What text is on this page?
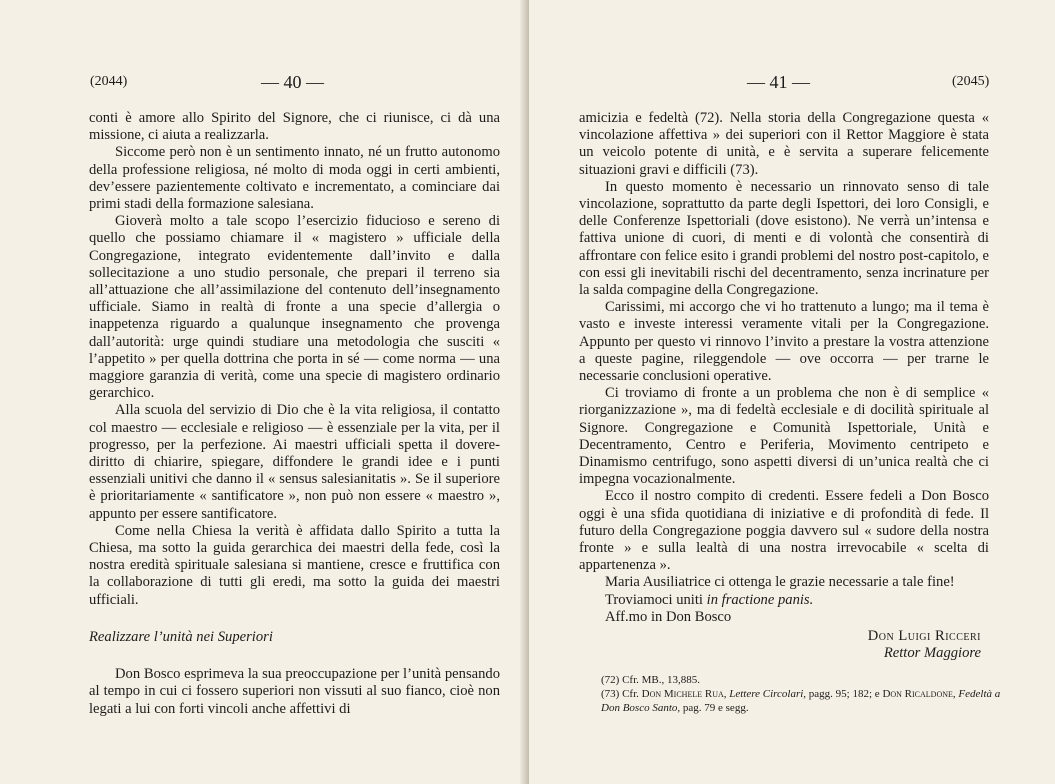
(2044)	— 40 —

conti è amore allo Spirito del Signore, che ci riunisce, ci dà una missione, ci aiuta a realizzarla.

Siccome però non è un sentimento innato, né un frutto autonomo della professione religiosa, né molto di moda oggi in certi ambienti, dev’essere pazientemente coltivato e incrementato, a cominciare dai primi stadi della formazione salesiana.

Gioverà molto a tale scopo l’esercizio fiducioso e sereno di quello che possiamo chiamare il « magistero » ufficiale della Congregazione, integrato evidentemente dall’invito e dalla sollecitazione a uno studio personale, che prepari il terreno sia all’attuazione che all’assimilazione del contenuto dell’insegnamento ufficiale. Siamo in realtà di fronte a una specie d’allergia o inappetenza riguardo a qualunque insegnamento che provenga dall’autorità: urge quindi studiare una metodologia che susciti « l’appetito » per quella dottrina che porta in sé — come norma — una maggiore garanzia di verità, come una specie di magistero ordinario gerarchico.

Alla scuola del servizio di Dio che è la vita religiosa, il contatto col maestro — ecclesiale e religioso — è essenziale per la vita, per il progresso, per la perfezione. Ai maestri ufficiali spetta il dovere-diritto di chiarire, spiegare, diffondere le grandi idee e i punti essenziali unitivi che danno il « sensus salesianitatis ». Se il superiore è prioritariamente « santificatore », non può non essere « maestro », appunto per essere santificatore.

Come nella Chiesa la verità è affidata dallo Spirito a tutta la Chiesa, ma sotto la guida gerarchica dei maestri della fede, così la nostra eredità spirituale salesiana si mantiene, cresce e fruttifica con la collaborazione di tutti gli eredi, ma sotto la guida dei maestri ufficiali.

Realizzare l’unità nei Superiori

Don Bosco esprimeva la sua preoccupazione per l’unità pensando al tempo in cui ci fossero superiori non vissuti al suo fianco, cioè non legati a lui con forti vincoli anche affettivi di

— 41 —	(2045)

amicizia e fedeltà (72). Nella storia della Congregazione questa « vincolazione affettiva » dei superiori con il Rettor Maggiore è stata un veicolo potente di unità, e è servita a superare felicemente situazioni gravi e difficili (73).

In questo momento è necessario un rinnovato senso di tale vincolazione, soprattutto da parte degli Ispettori, dei loro Consigli, e delle Conferenze Ispettoriali (dove esistono). Ne verrà un’intensa e fattiva unione di cuori, di menti e di volontà che consentirà di affrontare con felice esito i grandi problemi del nostro post-capitolo, e con essi gli inevitabili rischi del decentramento, senza incrinature per la salda compagine della Congregazione.

Carissimi, mi accorgo che vi ho trattenuto a lungo; ma il tema è vasto e investe interessi veramente vitali per la Congregazione. Appunto per questo vi rinnovo l’invito a prestare la vostra attenzione a queste pagine, rileggendole — ove occorra — per trarne le necessarie conclusioni operative.

Ci troviamo di fronte a un problema che non è di semplice « riorganizzazione », ma di fedeltà ecclesiale e di docilità spirituale al Signore. Congregazione e Comunità Ispettoriale, Unità e Decentramento, Centro e Periferia, Movimento centripeto e Dinamismo centrifugo, sono aspetti diversi di un’unica realtà che ci impegna vocazionalmente.

Ecco il nostro compito di credenti. Essere fedeli a Don Bosco oggi è una sfida quotidiana di iniziative e di profondità di fede. Il futuro della Congregazione poggia davvero sul « sudore della nostra fronte » e sulla lealtà di una nostra irrevocabile « scelta di appartenenza ».

Maria Ausiliatrice ci ottenga le grazie necessarie a tale fine!

Troviamoci uniti in fractione panis.

Aff.mo in Don Bosco

Don Luigi Ricceri
Rettor Maggiore
(72) Cfr. MB., 13,885.
(73) Cfr. Don Michele Rua, Lettere Circolari, pagg. 95; 182; e Don Ricaldone, Fedeltà a Don Bosco Santo, pag. 79 e segg.
